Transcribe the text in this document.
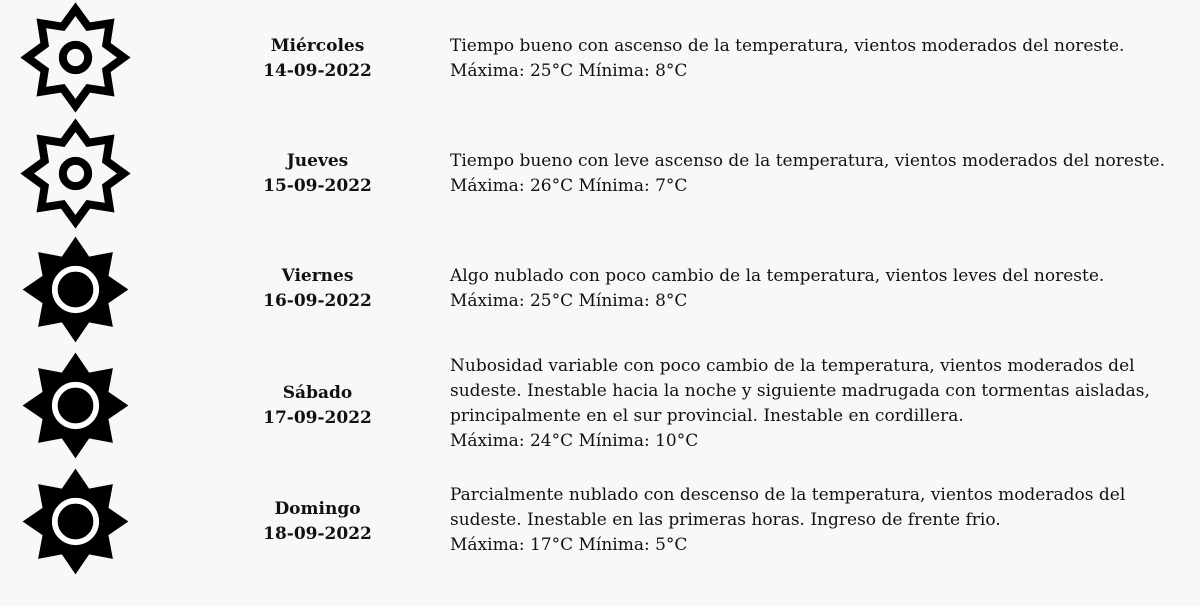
Miércoles
14-09-2022

Tiempo bueno con ascenso de la temperatura, vientos moderados del noreste.

Máxima: 25°C Mínima: 8°C

Jueves
15-09-2022

Tiempo bueno con leve ascenso de la temperatura, vientos moderados del noreste.

Máxima: 26°C Mínima: 7°C

Viernes
16-09-2022

Algo nublado con poco cambio de la temperatura, vientos leves del noreste.

Máxima: 25°C Mínima: 8°C

Sábado
17-09-2022

Nubosidad variable con poco cambio de la temperatura, vientos moderados del sudeste. Inestable hacia la noche y siguiente madrugada con tormentas aisladas, principalmente en el sur provincial. Inestable en cordillera.

Máxima: 24°C Mínima: 10°C

Domingo
18-09-2022

Parcialmente nublado con descenso de la temperatura, vientos moderados del sudeste. Inestable en las primeras horas. Ingreso de frente frio.

Máxima: 17°C Mínima: 5°C
